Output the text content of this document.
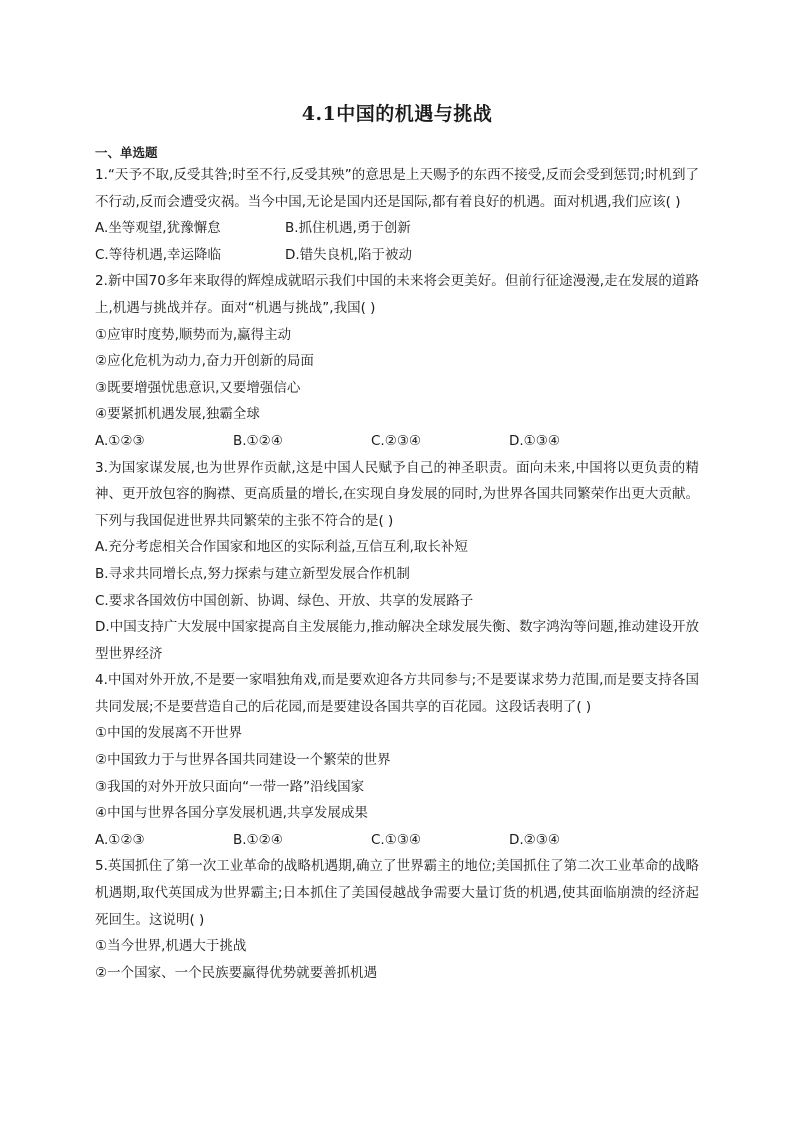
4.1中国的机遇与挑战

一、单选题

1.“天予不取,反受其咎;时至不行,反受其殃”的意思是上天赐予的东西不接受,反而会受到惩罚;时机到了不行动,反而会遭受灾祸。当今中国,无论是国内还是国际,都有着良好的机遇。面对机遇,我们应该( )

A.坐等观望,犹豫懈怠	B.抓住机遇,勇于创新

C.等待机遇,幸运降临	D.错失良机,陷于被动

2.新中国70多年来取得的辉煌成就昭示我们中国的未来将会更美好。但前行征途漫漫,走在发展的道路上,机遇与挑战并存。面对“机遇与挑战”,我国( )

①应审时度势,顺势而为,赢得主动

②应化危机为动力,奋力开创新的局面

③既要增强忧患意识,又要增强信心

④要紧抓机遇发展,独霸全球

A.①②③	B.①②④	C.②③④	D.①③④

3.为国家谋发展,也为世界作贡献,这是中国人民赋予自己的神圣职责。面向未来,中国将以更负责的精神、更开放包容的胸襟、更高质量的增长,在实现自身发展的同时,为世界各国共同繁荣作出更大贡献。下列与我国促进世界共同繁荣的主张不符合的是( )

A.充分考虑相关合作国家和地区的实际利益,互信互利,取长补短

B.寻求共同增长点,努力探索与建立新型发展合作机制

C.要求各国效仿中国创新、协调、绿色、开放、共享的发展路子

D.中国支持广大发展中国家提高自主发展能力,推动解决全球发展失衡、数字鸿沟等问题,推动建设开放型世界经济

4.中国对外开放,不是要一家唱独角戏,而是要欢迎各方共同参与;不是要谋求势力范围,而是要支持各国共同发展;不是要营造自己的后花园,而是要建设各国共享的百花园。这段话表明了( )

①中国的发展离不开世界

②中国致力于与世界各国共同建设一个繁荣的世界

③我国的对外开放只面向“一带一路”沿线国家

④中国与世界各国分享发展机遇,共享发展成果

A.①②③	B.①②④	C.①③④	D.②③④

5.英国抓住了第一次工业革命的战略机遇期,确立了世界霸主的地位;美国抓住了第二次工业革命的战略机遇期,取代英国成为世界霸主;日本抓住了美国侵越战争需要大量订货的机遇,使其面临崩溃的经济起死回生。这说明( )

①当今世界,机遇大于挑战

②一个国家、一个民族要赢得优势就要善抓机遇
